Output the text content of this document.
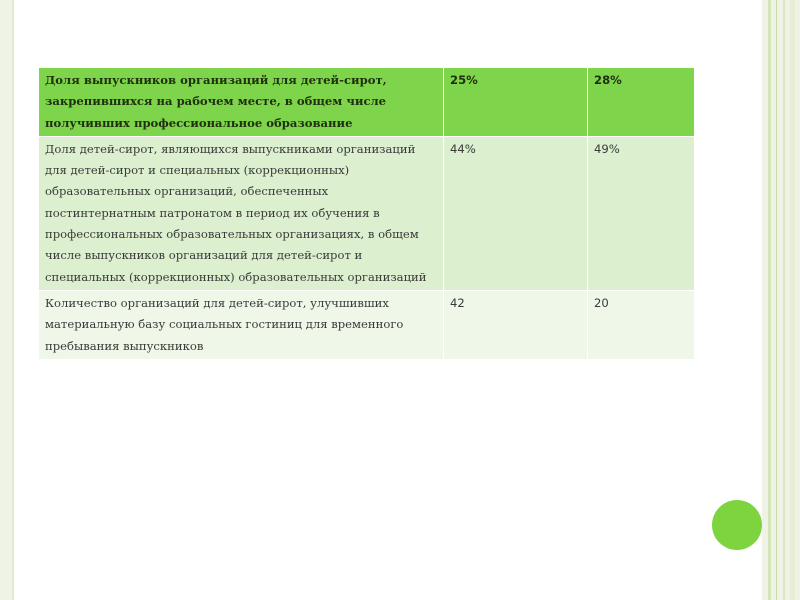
Доля выпускников организаций для детей-сирот, закрепившихся на рабочем месте, в общем числе получивших профессиональное образование	25%	28%
Доля детей-сирот, являющихся выпускниками организаций для детей-сирот и специальных (коррекционных) образовательных организаций, обеспеченных постинтернатным патронатом в период их обучения в профессиональных образовательных организациях, в общем числе выпускников организаций для детей-сирот и специальных (коррекционных) образовательных организаций	44%	49%
Количество организаций для детей-сирот, улучшивших материальную базу социальных гостиниц для временного пребывания выпускников	42	20
